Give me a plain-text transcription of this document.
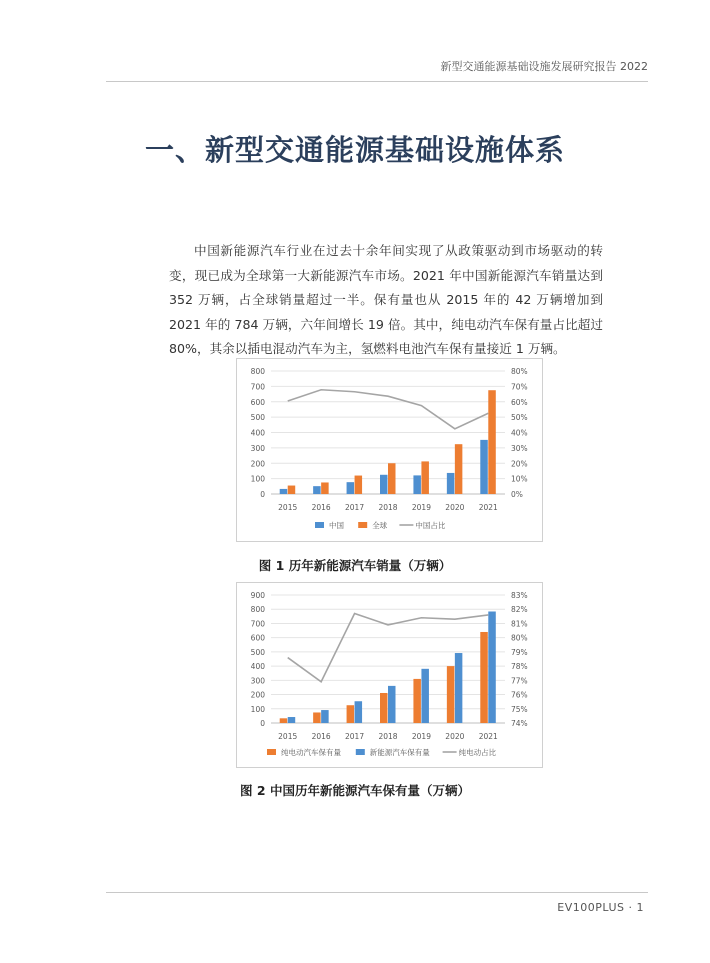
新型交通能源基础设施发展研究报告 2022
一、新型交通能源基础设施体系

中国新能源汽车行业在过去十余年间实现了从政策驱动到市场驱动的转变，现已成为全球第一大新能源汽车市场。2021 年中国新能源汽车销量达到 352 万辆，占全球销量超过一半。保有量也从 2015 年的 42 万辆增加到 2021 年的 784 万辆，六年间增长 19 倍。其中，纯电动汽车保有量占比超过 80%，其余以插电混动汽车为主，氢燃料电池汽车保有量接近 1 万辆。

0
100
200
300
400
500
600
700
800
0%
10%
20%
30%
40%
50%
60%
70%
80%
2015 2016 2017 2018 2019 2020 2021
中国	全球	中国占比
图 1 历年新能源汽车销量（万辆）
0
100
200
300
400
500
600
700
800
900
74%
75%
76%
77%
78%
79%
80%
81%
82%
83%
2015 2016 2017 2018 2019 2020 2021
纯电动汽车保有量	新能源汽车保有量	纯电动占比
图 2 中国历年新能源汽车保有量（万辆）
EV100PLUS · 1
